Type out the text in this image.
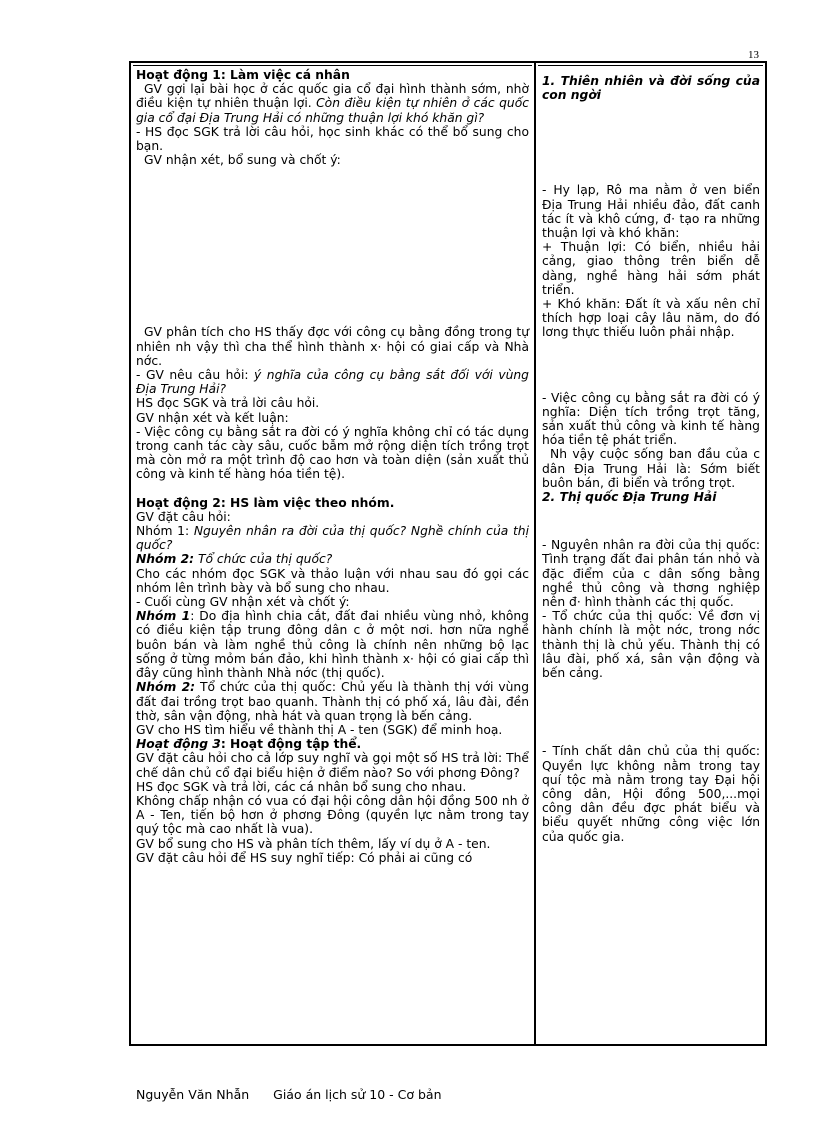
13

Hoạt động 1: Làm việc cá nhân

GV gợi lại bài học ở các quốc gia cổ đại hình thành sớm, nhờ điều kiện tự nhiên thuận lợi. Còn điều kiện tự nhiên ở các quốc gia cổ đại Địa Trung Hải có những thuận lợi khó khăn gì?

- HS đọc SGK trả lời câu hỏi, học sinh khác có thể bổ sung cho bạn.

GV nhận xét, bổ sung và chốt ý:

GV phân tích cho HS thấy đợc với công cụ bằng đồng trong tự nhiên nh vậy thì cha thể hình thành x· hội có giai cấp và Nhà nớc.

- GV nêu câu hỏi: ý nghĩa của công cụ bằng sắt đối với vùng Địa Trung Hải?

HS đọc SGK và trả lời câu hỏi.

GV nhận xét và kết luận:

- Việc công cụ bằng sắt ra đời có ý nghĩa không chỉ có tác dụng trong canh tác cày sâu, cuốc bẫm mở rộng diện tích trồng trọt mà còn mở ra một trình độ cao hơn và toàn diện (sản xuất thủ công và kinh tế hàng hóa tiền tệ).

Hoạt động 2: HS làm việc theo nhóm.

GV đặt câu hỏi:

Nhóm 1: Nguyên nhân ra đời của thị quốc? Nghề chính của thị quốc?

Nhóm 2: Tổ chức của thị quốc?

Cho các nhóm đọc SGK và thảo luận với nhau sau đó gọi các nhóm lên trình bày và bổ sung cho nhau.

- Cuối cùng GV nhận xét và chốt ý:

Nhóm 1: Do địa hình chia cắt, đất đai nhiều vùng nhỏ, không có điều kiện tập trung đông dân c ở một nơi. hơn nữa nghề buôn bán và làm nghề thủ công là chính nên những bộ lạc sống ở từng mỏm bán đảo, khi hình thành x· hội có giai cấp thì đây cũng hình thành Nhà nớc (thị quốc).

Nhóm 2: Tổ chức của thị quốc: Chủ yếu là thành thị với vùng đất đai trồng trọt bao quanh. Thành thị có phố xá, lâu đài, đền thờ, sân vận động, nhà hát và quan trọng là bến cảng.

GV cho HS tìm hiểu về thành thị A - ten (SGK) để minh hoạ.

Hoạt động 3: Hoạt động tập thể.

GV đặt câu hỏi cho cả lớp suy nghĩ và gọi một số HS trả lời: Thể chế dân chủ cổ đại biểu hiện ở điểm nào? So với phơng Đông?

HS đọc SGK và trả lời, các cá nhân bổ sung cho nhau.

Không chấp nhận có vua có đại hội công dân hội đồng 500 nh ở A - Ten, tiến bộ hơn ở phơng Đông (quyền lực nằm trong tay quý tộc mà cao nhất là vua).

GV bổ sung cho HS và phân tích thêm, lấy ví dụ ở A - ten.

GV đặt câu hỏi để HS suy nghĩ tiếp: Có phải ai cũng có

1. Thiên nhiên và đời sống của con ngời

- Hy lạp, Rô ma nằm ở ven biển Địa Trung Hải nhiều đảo, đất canh tác ít và khô cứng, đ· tạo ra những thuận lợi và khó khăn:

+ Thuận lợi: Có biển, nhiều hải cảng, giao thông trên biển dễ dàng, nghề hàng hải sớm phát triển.

+ Khó khăn: Đất ít và xấu nên chỉ thích hợp loại cây lâu năm, do đó lơng thực thiếu luôn phải nhập.

- Việc công cụ bằng sắt ra đời có ý nghĩa: Diện tích trồng trọt tăng, sản xuất thủ công và kinh tế hàng hóa tiền tệ phát triển.

Nh vậy cuộc sống ban đầu của c dân Địa Trung Hải là: Sớm biết buôn bán, đi biển và trồng trọt.

2. Thị quốc Địa Trung Hải

- Nguyên nhân ra đời của thị quốc: Tình trạng đất đai phân tán nhỏ và đặc điểm của c dân sống bằng nghề thủ công và thơng nghiệp nên đ· hình thành các thị quốc.

- Tổ chức của thị quốc: Về đơn vị hành chính là một nớc, trong nớc thành thị là chủ yếu. Thành thị có lâu đài, phố xá, sân vận động và bến cảng.

- Tính chất dân chủ của thị quốc: Quyền lực không nằm trong tay quí tộc mà nằm trong tay Đại hội công dân, Hội đồng 500,...mọi công dân đều đợc phát biểu và biểu quyết những công việc lớn của quốc gia.

Nguyễn Văn Nhẫn Giáo án lịch sử 10 - Cơ bản
